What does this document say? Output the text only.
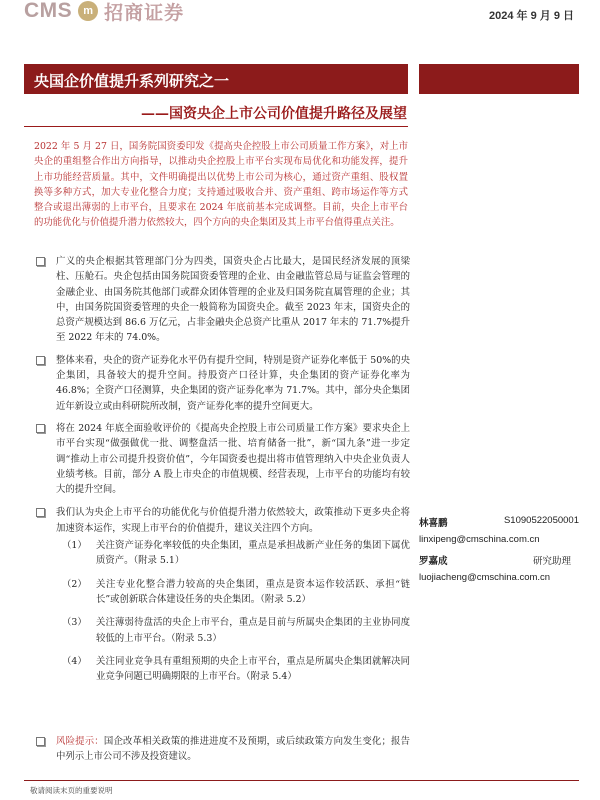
CMS	m 招商证券	2024 年 9 月 9 日
央国企价值提升系列研究之一
——国资央企上市公司价值提升路径及展望
2022 年 5 月 27 日，国务院国资委印发《提高央企控股上市公司质量工作方案》，对上市央企的重组整合作出方向指导，以推动央企控股上市平台实现布局优化和功能发挥，提升上市功能经营质量。其中，文件明确提出以优势上市公司为核心，通过资产重组、股权置换等多种方式，加大专业化整合力度；支持通过吸收合并、资产重组、跨市场运作等方式整合或退出薄弱的上市平台，且要求在 2024 年底前基本完成调整。目前，央企上市平台的功能优化与价值提升潜力依然较大，四个方向的央企集团及其上市平台值得重点关注。
广义的央企根据其管理部门分为四类，国资央企占比最大，是国民经济发展的顶梁柱、压舱石。央企包括由国务院国资委管理的企业、由金融监管总局与证监会管理的金融企业、由国务院其他部门或群众团体管理的企业及归国务院直属管理的企业；其中，由国务院国资委管理的央企一般简称为国资央企。截至 2023 年末，国资央企的总资产规模达到 86.6 万亿元，占非金融央企总资产比重从 2017 年末的 71.7%提升至 2022 年末的 74.0%。
整体来看，央企的资产证券化水平仍有提升空间，特别是资产证券化率低于 50%的央企集团，具备较大的提升空间。持股资产口径计算，央企集团的资产证券化率为 46.8%；全资产口径测算，央企集团的资产证券化率为 71.7%。其中，部分央企集团近年新设立或由科研院所改制，资产证券化率的提升空间更大。
将在 2024 年底全面验收评价的《提高央企控股上市公司质量工作方案》要求央企上市平台实现“做强做优一批、调整盘活一批、培育储备一批”，新“国九条”进一步定调“推动上市公司提升投资价值”，今年国资委也提出将市值管理纳入中央企业负责人业绩考核。目前，部分 A 股上市央企的市值规模、经营表现，上市平台的功能均有较大的提升空间。
我们认为央企上市平台的功能优化与价值提升潜力依然较大，政策推动下更多央企将加速资本运作，实现上市平台的价值提升，建议关注四个方向。
（1） 关注资产证券化率较低的央企集团，重点是承担战新产业任务的集团下属优质资产。（附录 5.1）
（2） 关注专业化整合潜力较高的央企集团，重点是资本运作较活跃、承担“链长”或创新联合体建设任务的央企集团。（附录 5.2）
（3） 关注薄弱待盘活的央企上市平台，重点是目前与所属央企集团的主业协同度较低的上市平台。（附录 5.3）
（4） 关注同业竞争具有重组预期的央企上市平台，重点是所属央企集团就解决同业竞争问题已明确期限的上市平台。（附录 5.4）
风险提示：国企改革相关政策的推进进度不及预期，或后续政策方向发生变化；报告中列示上市公司不涉及投资建议。
林喜鹏	S1090522050001
linxipeng@cmschina.com.cn
罗嘉成	研究助理
luojiacheng@cmschina.com.cn
敬请阅读末页的重要说明
